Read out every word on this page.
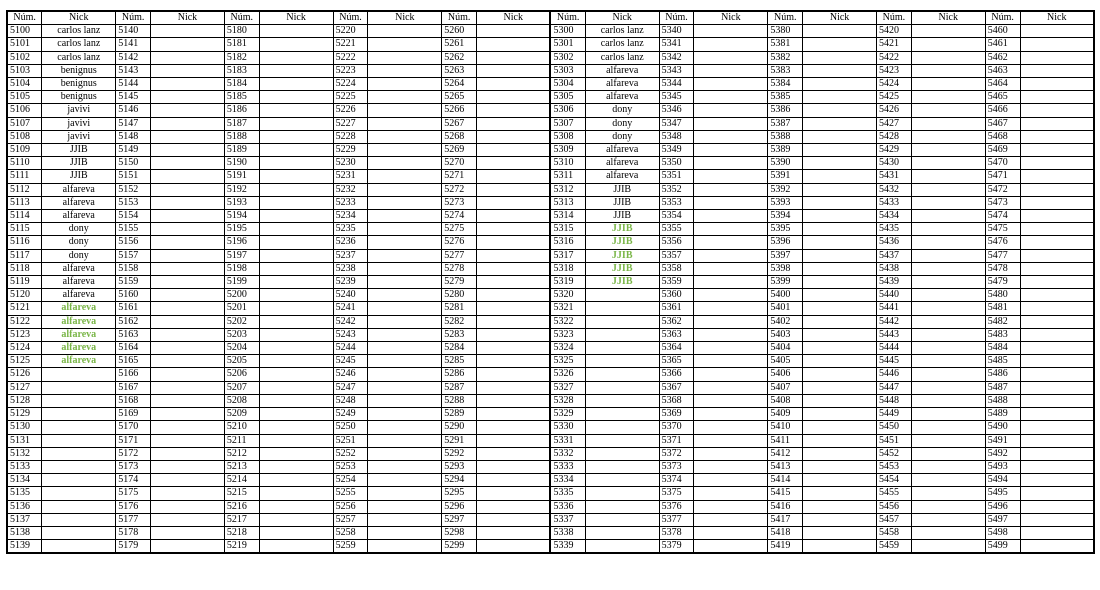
Núm.	Nick	Núm.	Nick	Núm.	Nick	Núm.	Nick	Núm.	Nick	Núm.	Nick	Núm.	Nick	Núm.	Nick	Núm.	Nick	Núm.	Nick
5100	carlos lanz	5140		5180		5220		5260		5300	carlos lanz	5340		5380		5420		5460	
5101	carlos lanz	5141		5181		5221		5261		5301	carlos lanz	5341		5381		5421		5461	
5102	carlos lanz	5142		5182		5222		5262		5302	carlos lanz	5342		5382		5422		5462	
5103	benignus	5143		5183		5223		5263		5303	alfareva	5343		5383		5423		5463	
5104	benignus	5144		5184		5224		5264		5304	alfareva	5344		5384		5424		5464	
5105	benignus	5145		5185		5225		5265		5305	alfareva	5345		5385		5425		5465	
5106	javivi	5146		5186		5226		5266		5306	dony	5346		5386		5426		5466	
5107	javivi	5147		5187		5227		5267		5307	dony	5347		5387		5427		5467	
5108	javivi	5148		5188		5228		5268		5308	dony	5348		5388		5428		5468	
5109	JJIB	5149		5189		5229		5269		5309	alfareva	5349		5389		5429		5469	
5110	JJIB	5150		5190		5230		5270		5310	alfareva	5350		5390		5430		5470	
5111	JJIB	5151		5191		5231		5271		5311	alfareva	5351		5391		5431		5471	
5112	alfareva	5152		5192		5232		5272		5312	JJIB	5352		5392		5432		5472	
5113	alfareva	5153		5193		5233		5273		5313	JJIB	5353		5393		5433		5473	
5114	alfareva	5154		5194		5234		5274		5314	JJIB	5354		5394		5434		5474	
5115	dony	5155		5195		5235		5275		5315	JJIB	5355		5395		5435		5475	
5116	dony	5156		5196		5236		5276		5316	JJIB	5356		5396		5436		5476	
5117	dony	5157		5197		5237		5277		5317	JJIB	5357		5397		5437		5477	
5118	alfareva	5158		5198		5238		5278		5318	JJIB	5358		5398		5438		5478	
5119	alfareva	5159		5199		5239		5279		5319	JJIB	5359		5399		5439		5479	
5120	alfareva	5160		5200		5240		5280		5320		5360		5400		5440		5480	
5121	alfareva	5161		5201		5241		5281		5321		5361		5401		5441		5481	
5122	alfareva	5162		5202		5242		5282		5322		5362		5402		5442		5482	
5123	alfareva	5163		5203		5243		5283		5323		5363		5403		5443		5483	
5124	alfareva	5164		5204		5244		5284		5324		5364		5404		5444		5484	
5125	alfareva	5165		5205		5245		5285		5325		5365		5405		5445		5485	
5126		5166		5206		5246		5286		5326		5366		5406		5446		5486	
5127		5167		5207		5247		5287		5327		5367		5407		5447		5487	
5128		5168		5208		5248		5288		5328		5368		5408		5448		5488	
5129		5169		5209		5249		5289		5329		5369		5409		5449		5489	
5130		5170		5210		5250		5290		5330		5370		5410		5450		5490	
5131		5171		5211		5251		5291		5331		5371		5411		5451		5491	
5132		5172		5212		5252		5292		5332		5372		5412		5452		5492	
5133		5173		5213		5253		5293		5333		5373		5413		5453		5493	
5134		5174		5214		5254		5294		5334		5374		5414		5454		5494	
5135		5175		5215		5255		5295		5335		5375		5415		5455		5495	
5136		5176		5216		5256		5296		5336		5376		5416		5456		5496	
5137		5177		5217		5257		5297		5337		5377		5417		5457		5497	
5138		5178		5218		5258		5298		5338		5378		5418		5458		5498	
5139		5179		5219		5259		5299		5339		5379		5419		5459		5499	
